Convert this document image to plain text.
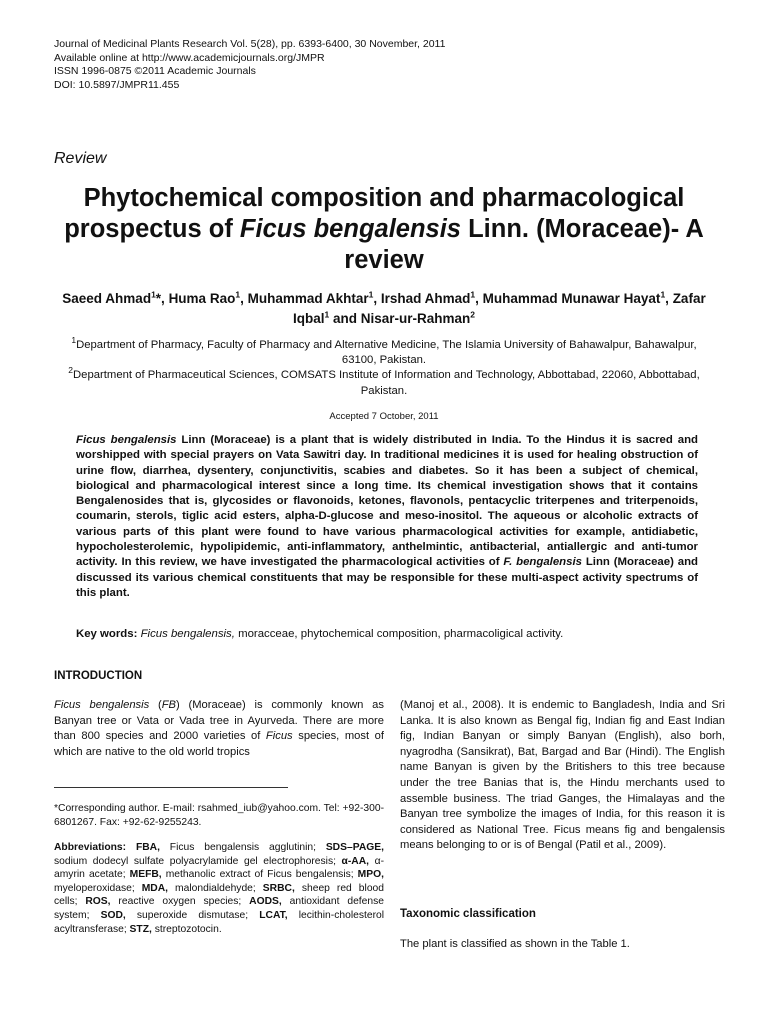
Journal of Medicinal Plants Research Vol. 5(28), pp. 6393-6400, 30 November, 2011
Available online at http://www.academicjournals.org/JMPR
ISSN 1996-0875 ©2011 Academic Journals
DOI: 10.5897/JMPR11.455
Review
Phytochemical composition and pharmacological prospectus of Ficus bengalensis Linn. (Moraceae)- A review
Saeed Ahmad$^1$*, Huma Rao$^1$, Muhammad Akhtar$^1$, Irshad Ahmad$^1$, Muhammad Munawar Hayat$^1$, Zafar Iqbal$^1$ and Nisar-ur-Rahman$^2$
$^1$Department of Pharmacy, Faculty of Pharmacy and Alternative Medicine, The Islamia University of Bahawalpur, Bahawalpur, 63100, Pakistan.
$^2$Department of Pharmaceutical Sciences, COMSATS Institute of Information and Technology, Abbottabad, 22060, Abbottabad, Pakistan.
Accepted 7 October, 2011
Ficus bengalensis Linn (Moraceae) is a plant that is widely distributed in India. To the Hindus it is sacred and worshipped with special prayers on Vata Sawitri day. In traditional medicines it is used for healing obstruction of urine flow, diarrhea, dysentery, conjunctivitis, scabies and diabetes. So it has been a subject of chemical, biological and pharmacological interest since a long time. Its chemical investigation shows that it contains Bengalenosides that is, glycosides or flavonoids, ketones, flavonols, pentacyclic triterpenes and triterpenoids, coumarin, sterols, tiglic acid esters, alpha-D-glucose and meso-inositol. The aqueous or alcoholic extracts of various parts of this plant were found to have various pharmacological activities for example, antidiabetic, hypocholesterolemic, hypolipidemic, anti-inflammatory, anthelmintic, antibacterial, antiallergic and anti-tumor activity. In this review, we have investigated the pharmacological activities of F. bengalensis Linn (Moraceae) and discussed its various chemical constituents that may be responsible for these multi-aspect activity spectrums of this plant.
Key words: Ficus bengalensis, moracceae, phytochemical composition, pharmacoligical activity.
INTRODUCTION
Ficus bengalensis (FB) (Moraceae) is commonly known as Banyan tree or Vata or Vada tree in Ayurveda. There are more than 800 species and 2000 varieties of Ficus species, most of which are native to the old world tropics
*Corresponding author. E-mail: rsahmed_iub@yahoo.com. Tel: +92-300-6801267. Fax: +92-62-9255243.
Abbreviations: FBA, Ficus bengalensis agglutinin; SDS–PAGE, sodium dodecyl sulfate polyacrylamide gel electrophoresis; α-AA, α-amyrin acetate; MEFB, methanolic extract of Ficus bengalensis; MPO, myeloperoxidase; MDA, malondialdehyde; SRBC, sheep red blood cells; ROS, reactive oxygen species; AODS, antioxidant defense system; SOD, superoxide dismutase; LCAT, lecithin-cholesterol acyltransferase; STZ, streptozotocin.
(Manoj et al., 2008). It is endemic to Bangladesh, India and Sri Lanka. It is also known as Bengal fig, Indian fig and East Indian fig, Indian Banyan or simply Banyan (English), also borh, nyagrodha (Sansikrat), Bat, Bargad and Bar (Hindi). The English name Banyan is given by the Britishers to this tree because under the tree Banias that is, the Hindu merchants used to assemble business. The triad Ganges, the Himalayas and the Banyan tree symbolize the images of India, for this reason it is considered as National Tree. Ficus means fig and bengalensis means belonging to or is of Bengal (Patil et al., 2009).
Taxonomic classification
The plant is classified as shown in the Table 1.
